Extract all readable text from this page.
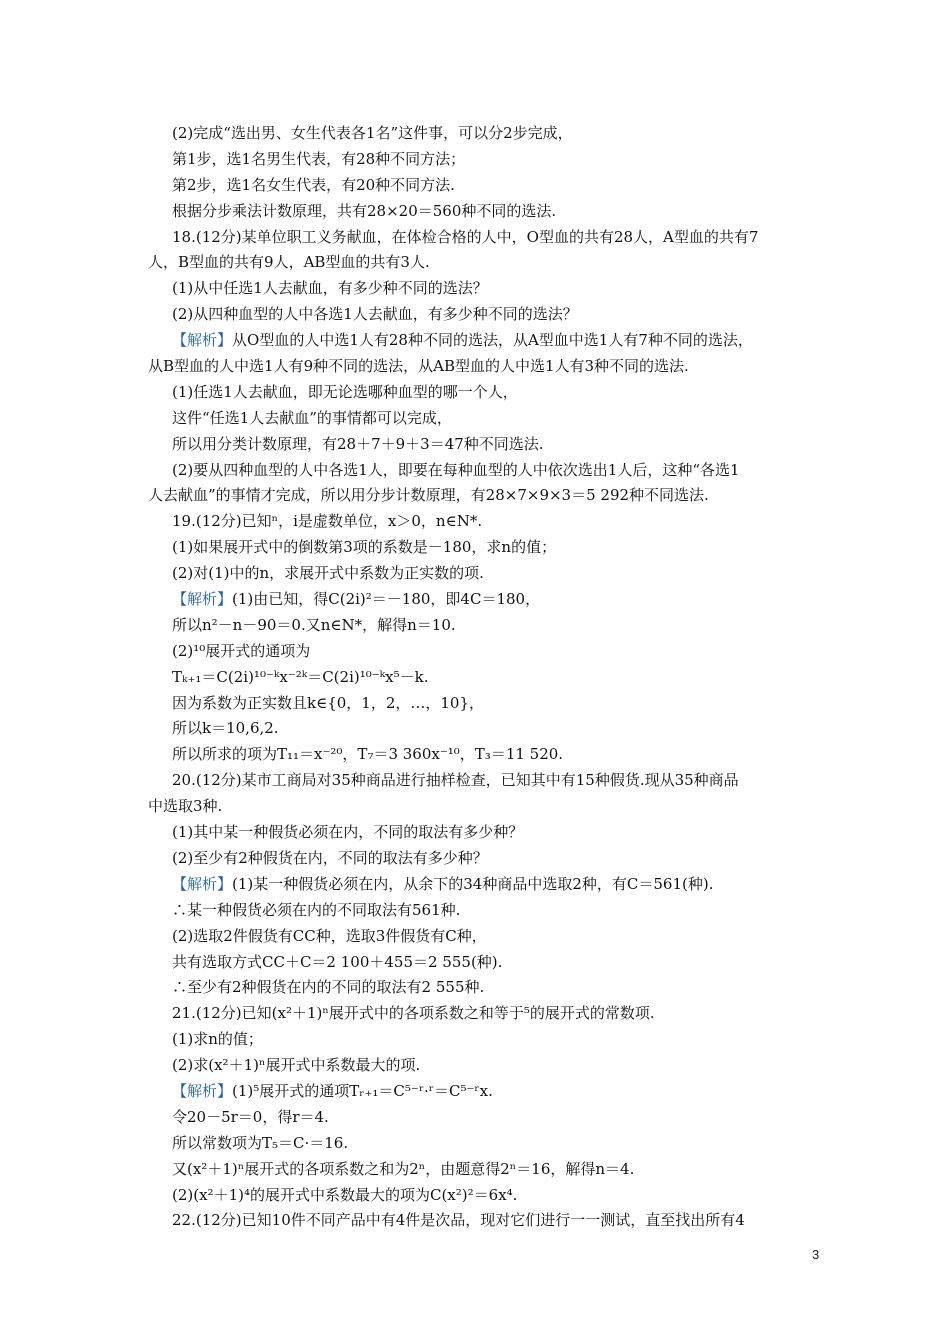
(2)完成“选出男、女生代表各1名”这件事，可以分2步完成，
第1步，选1名男生代表，有28种不同方法；
第2步，选1名女生代表，有20种不同方法.
根据分步乘法计数原理，共有28×20＝560种不同的选法.
18.(12分)某单位职工义务献血，在体检合格的人中，O型血的共有28人，A型血的共有7
人，B型血的共有9人，AB型血的共有3人.
(1)从中任选1人去献血，有多少种不同的选法？
(2)从四种血型的人中各选1人去献血，有多少种不同的选法？
【解析】从O型血的人中选1人有28种不同的选法，从A型血中选1人有7种不同的选法，
从B型血的人中选1人有9种不同的选法，从AB型血的人中选1人有3种不同的选法.
(1)任选1人去献血，即无论选哪种血型的哪一个人，
这件“任选1人去献血”的事情都可以完成，
所以用分类计数原理，有28＋7＋9＋3＝47种不同选法.
(2)要从四种血型的人中各选1人，即要在每种血型的人中依次选出1人后，这种“各选1
人去献血”的事情才完成，所以用分步计数原理，有28×7×9×3＝5 292种不同选法.
19.(12分)已知ⁿ，i是虚数单位，x＞0，n∈N*.
(1)如果展开式中的倒数第3项的系数是－180，求n的值；
(2)对(1)中的n，求展开式中系数为正实数的项.
【解析】(1)由已知，得C(2i)²＝－180，即4C＝180，
所以n²－n－90＝0.又n∈N*，解得n＝10.
(2)¹⁰展开式的通项为
Tₖ₊₁＝C(2i)¹⁰⁻ᵏx⁻²ᵏ＝C(2i)¹⁰⁻ᵏx⁵－k.
因为系数为正实数且k∈{0，1，2，…，10}，
所以k＝10,6,2.
所以所求的项为T₁₁＝x⁻²⁰，T₇＝3 360x⁻¹⁰，T₃＝11 520.
20.(12分)某市工商局对35种商品进行抽样检查，已知其中有15种假货.现从35种商品
中选取3种.
(1)其中某一种假货必须在内，不同的取法有多少种？
(2)至少有2种假货在内，不同的取法有多少种？
【解析】(1)某一种假货必须在内，从余下的34种商品中选取2种，有C＝561(种).
∴某一种假货必须在内的不同取法有561种.
(2)选取2件假货有CC种，选取3件假货有C种，
共有选取方式CC＋C＝2 100＋455＝2 555(种).
∴至少有2种假货在内的不同的取法有2 555种.
21.(12分)已知(x²＋1)ⁿ展开式中的各项系数之和等于⁵的展开式的常数项.
(1)求n的值；
(2)求(x²＋1)ⁿ展开式中系数最大的项.
【解析】(1)⁵展开式的通项Tᵣ₊₁＝C⁵⁻ʳ·ʳ＝C⁵⁻ʳx.
令20－5r＝0，得r＝4.
所以常数项为T₅＝C·＝16.
又(x²＋1)ⁿ展开式的各项系数之和为2ⁿ，由题意得2ⁿ＝16，解得n＝4.
(2)(x²＋1)⁴的展开式中系数最大的项为C(x²)²＝6x⁴.
22.(12分)已知10件不同产品中有4件是次品，现对它们进行一一测试，直至找出所有4
3
